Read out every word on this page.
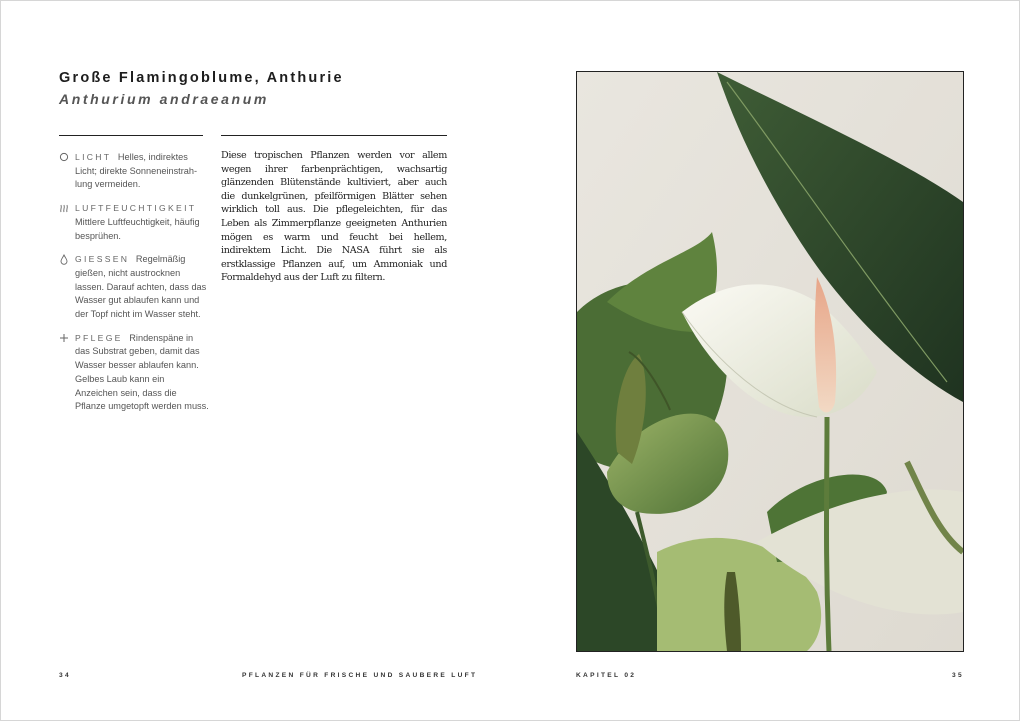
Große Flamingoblume, Anthurie
Anthurium andraeanum
LICHT Helles, indirektes Licht; direkte Sonneneinstrah-lung vermeiden.
LUFTFEUCHTIGKEIT
Mittlere Luftfeuchtigkeit, häufig besprühen.
GIESSEN Regelmäßig gießen, nicht austrocknen lassen. Darauf achten, dass das Wasser gut ablaufen kann und der Topf nicht im Wasser steht.
PFLEGE Rindenspäne in das Substrat geben, damit das Wasser besser ablaufen kann. Gelbes Laub kann ein Anzeichen sein, dass die Pflanze umgetopft werden muss.

Diese tropischen Pflanzen werden vor allem wegen ihrer farbenprächtigen, wachsartig glänzenden Blütenstände kultiviert, aber auch die dunkelgrünen, pfeilförmigen Blätter sehen wirklich toll aus. Die pflegeleichten, für das Leben als Zimmerpflanze geeigneten Anthurien mögen es warm und feucht bei hellem, indirektem Licht. Die NASA führt sie als erstklassige Pflanzen auf, um Ammoniak und Formaldehyd aus der Luft zu filtern.

34	PFLANZEN FÜR FRISCHE UND SAUBERE LUFT	KAPITEL 02	35
